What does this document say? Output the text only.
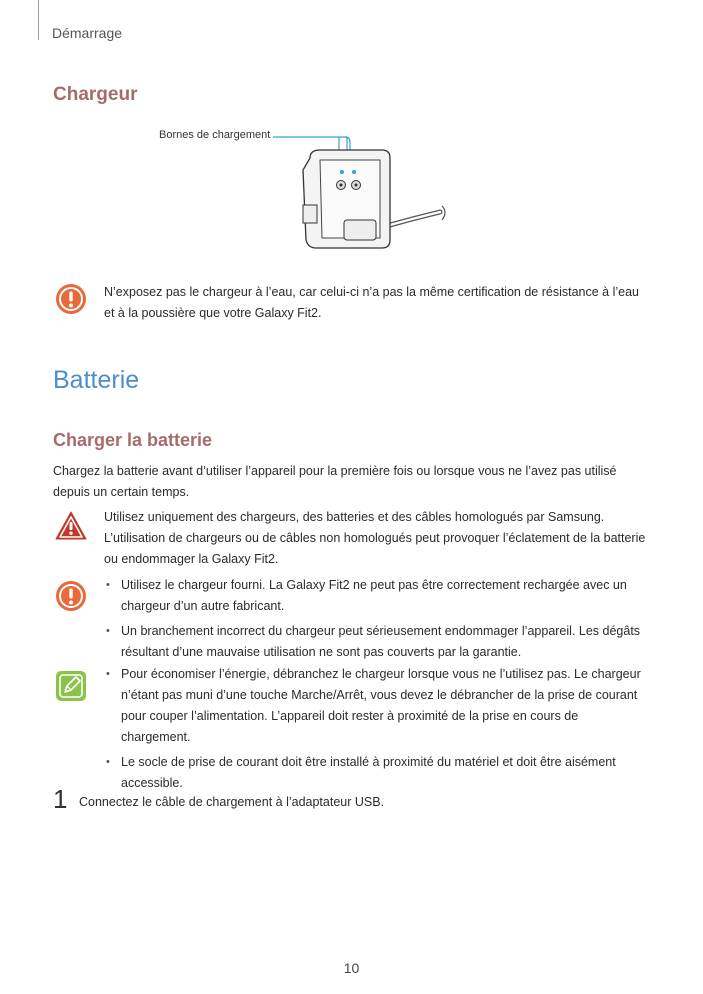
Démarrage
Chargeur
Bornes de chargement
N’exposez pas le chargeur à l’eau, car celui-ci n’a pas la même certification de résistance à l’eau et à la poussière que votre Galaxy Fit2.
Batterie
Charger la batterie
Chargez la batterie avant d’utiliser l’appareil pour la première fois ou lorsque vous ne l’avez pas utilisé depuis un certain temps.
Utilisez uniquement des chargeurs, des batteries et des câbles homologués par Samsung. L’utilisation de chargeurs ou de câbles non homologués peut provoquer l’éclatement de la batterie ou endommager la Galaxy Fit2.
• Utilisez le chargeur fourni. La Galaxy Fit2 ne peut pas être correctement rechargée avec un chargeur d’un autre fabricant.
• Un branchement incorrect du chargeur peut sérieusement endommager l’appareil. Les dégâts résultant d’une mauvaise utilisation ne sont pas couverts par la garantie.
• Pour économiser l’énergie, débranchez le chargeur lorsque vous ne l’utilisez pas. Le chargeur n’étant pas muni d’une touche Marche/Arrêt, vous devez le débrancher de la prise de courant pour couper l’alimentation. L’appareil doit rester à proximité de la prise en cours de chargement.
• Le socle de prise de courant doit être installé à proximité du matériel et doit être aisément accessible.
1 Connectez le câble de chargement à l’adaptateur USB.
10
